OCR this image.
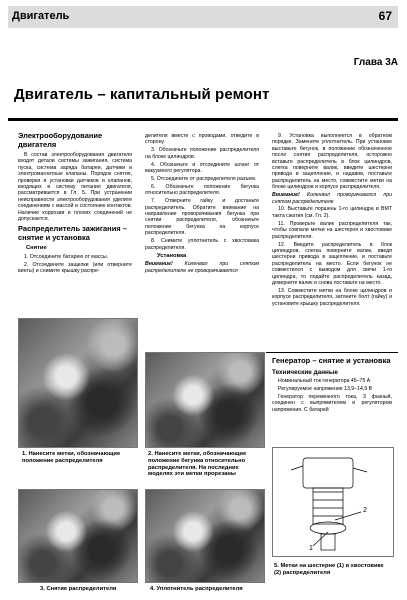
Двигатель	67
Глава 3А
Двигатель – капитальный ремонт
Электрооборудование двигателя

В состав электрооборудования двигателя входят детали системы зажигания, система пуска, система заряда батареи, датчики и электромагнитные клапаны. Порядок снятия, проверки и установки датчиков и клапанов, входящих в систему питания двигателя, рассматривается в Гл. 5. При устранении неисправности электрооборудования уделите соединениям с массой и состоянию контактов. Наличие коррозии и плохих соединений не допускается.

Распределитель зажигания – снятие и установка
Снятие

1. Отсоедините батарею от массы.

2. Отсоедините защелки (или отверните винты) и снимите крышку распре-

делителя вместе с проводами, отведите в сторону.

3. Обозначьте положение распределителя на блоке цилиндров.

4. Обозначьте и отсоедините шланг от вакуумного регулятора.

5. Отсоедините от распределителя разъем.

6. Обозначьте положение бегунка относительно распределителя.

7. Отверните гайку и достаньте распределитель. Обратите внимание на направление проворачивания бегунка при снятии распределителя, обозначьте положение бегунка на корпусе распределителя.

8. Снимите уплотнитель с хвостовика распределителя.

Установка

Внимание! Коленвал при снятом распределителе не проворачивается

9. Установка выполняется в обратном порядке. Замените уплотнитель. При установке выставьте бегунок, в положение обозначенное после снятия распределителя, осторожно вставьте распределитель в блок цилиндров, слегка поверните валик, введите шестерни привода в зацепление, и надавив, поставьте распределитель на место, совместите метки на блоке цилиндров и корпусе распределителя.

Внимание! Коленвал проворачивался при снятом распределителе

10. Выставьте поршень 1-го цилиндра в ВМТ такта сжатия (см. Гл. 2).

11. Проверьте валик распределителя так, чтобы совпали метки на шестерня и хвостовике распределителя.

12. Введите распределитель в блок цилиндров, слегка поверните валик, введя шестерни привода в зацепление, и поставьте распределитель на место. Если бегунок не совместился с выводом для свечи 1-го цилиндра, то подайте распределитель назад, доверните валик и снова поставьте на место.

13. Совместите метки на блоке цилиндров и корпусе распределителя, затяните болт (гайку) и установите крышку распределителя.

Генератор – снятие и установка
Технические данные

Номинальный ток генератора 45–75 А

Регулируемое напряжение 13,9–14,9 В

Генератор переменного тока, 3 фазный, соединен с выпрямителем и регулятором напряжения. С батарей

1
2
1. Нанесите метки, обозначающие положение распределителя
2. Нанесите метки, обозначающие положение бегунка относительно распределителя. На последних моделях эти метки прорезаны
3. Снятие распределителя	4. Уплотнитель распределителя
5. Метки на шестерне (1) и хвостовике (2) распределителя
